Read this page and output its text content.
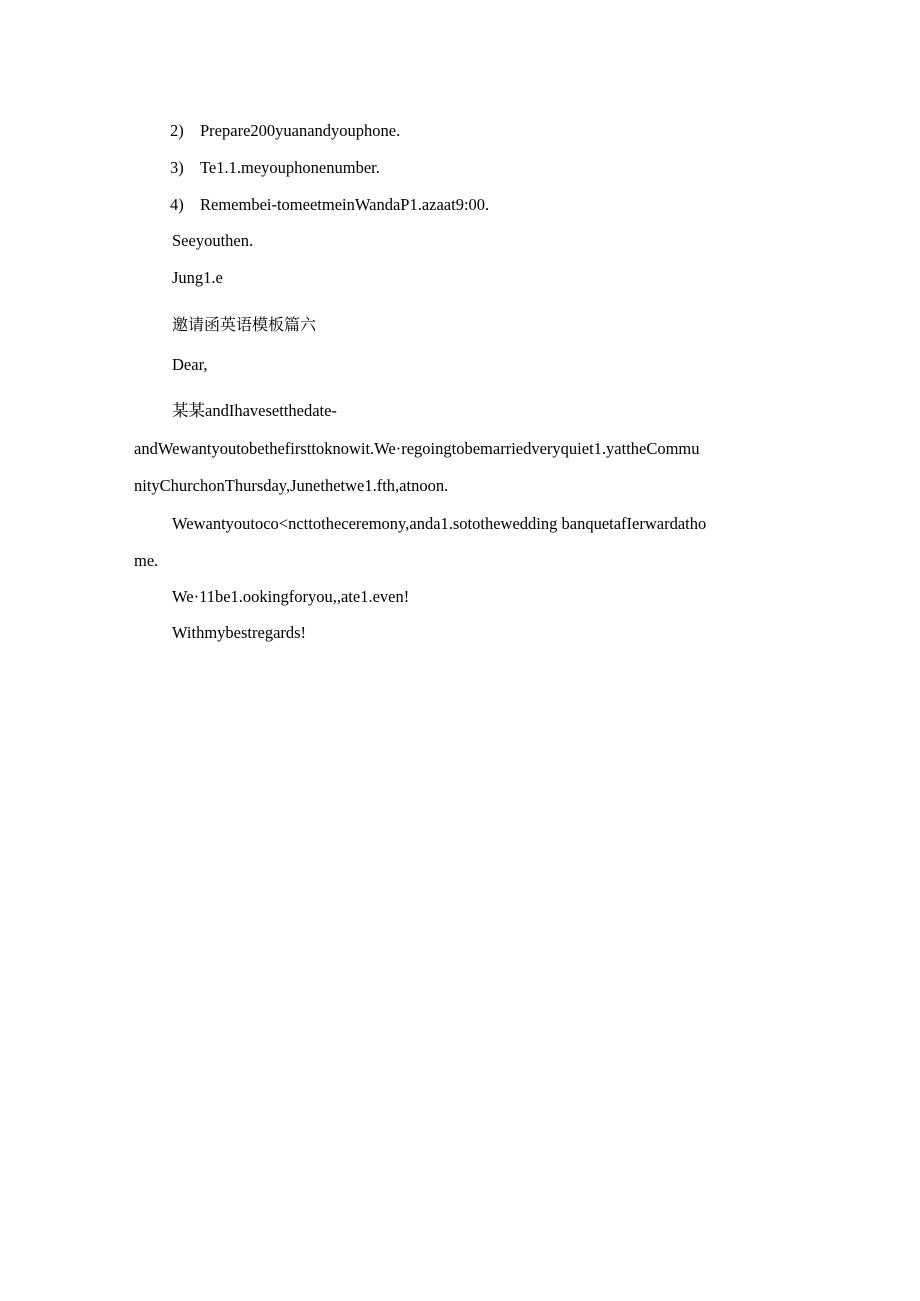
2) Prepare200yuanandyouphone.
3) Te1.1.meyouphonenumber.
4) Remembei-tomeetmeinWandaP1.azaat9:00.
Seeyouthen.
Jung1.e
邀请函英语模板篇六
Dear,
某某andIhavesetthedate-
andWewantyoutobethefirsttoknowit.We·regoingtobemarriedveryquiet1.yattheCommu
nityChurchonThursday,Junethetwe1.fth,atnoon.
Wewantyoutoco<ncttotheceremony,anda1.sotothewedding banquetafIerwardatho
me.
We·11be1.ookingforyou,,ate1.even!
Withmybestregards!
